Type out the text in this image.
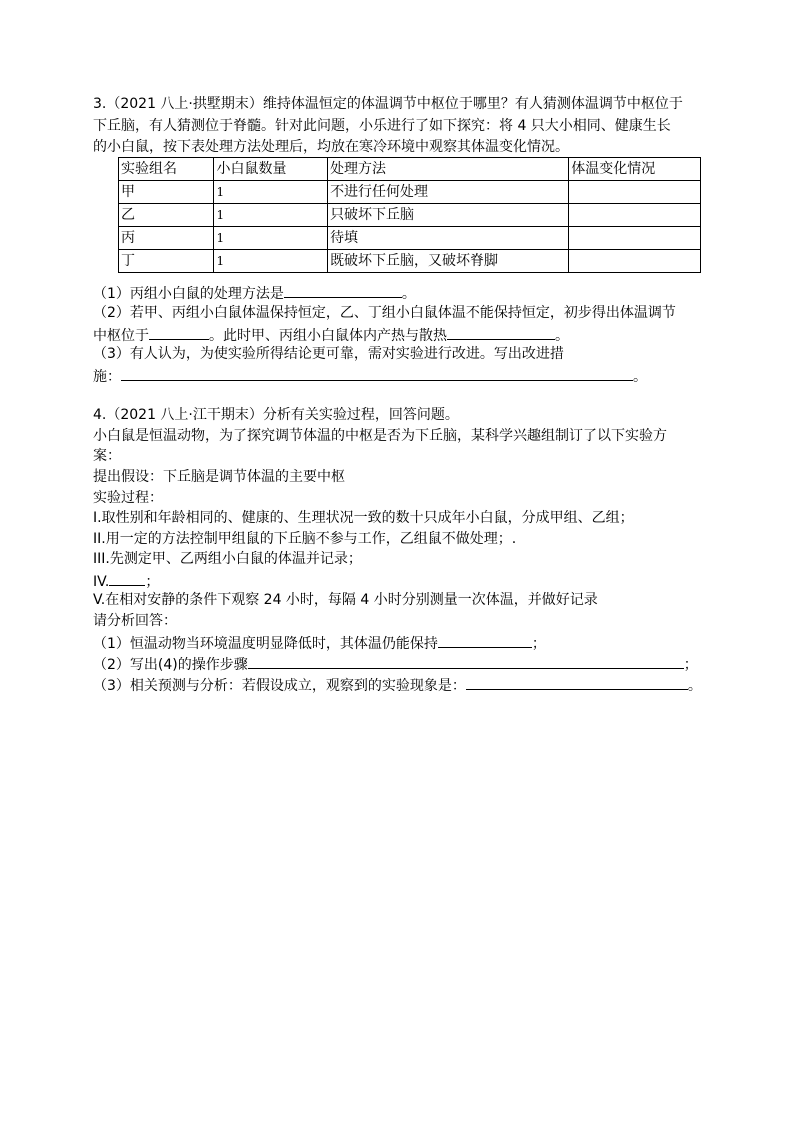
3.（2021 八上·拱墅期末）维持体温恒定的体温调节中枢位于哪里？有人猜测体温调节中枢位于
下丘脑，有人猜测位于脊髓。针对此问题，小乐进行了如下探究：将 4 只大小相同、健康生长
的小白鼠，按下表处理方法处理后，均放在寒冷环境中观察其体温变化情况。
实验组名	小白鼠数量	处理方法	体温变化情况
甲	1	不进行任何处理	
乙	1	只破坏下丘脑	
丙	1	待填	
丁	1	既破坏下丘脑，又破坏脊脚	
（1）丙组小白鼠的处理方法是	。
（2）若甲、丙组小白鼠体温保持恒定，乙、丁组小白鼠体温不能保持恒定，初步得出体温调节
中枢位于	。此时甲、丙组小白鼠体内产热与散热	。
（3）有人认为，为使实验所得结论更可靠，需对实验进行改进。写出改进措
施：	。
4.（2021 八上·江干期末）分析有关实验过程，回答问题。
小白鼠是恒温动物，为了探究调节体温的中枢是否为下丘脑，某科学兴趣组制订了以下实验方
案：
提出假设：下丘脑是调节体温的主要中枢
实验过程：
I.取性别和年龄相同的、健康的、生理状况一致的数十只成年小白鼠，分成甲组、乙组；
II.用一定的方法控制甲组鼠的下丘脑不参与工作，乙组鼠不做处理；.
III.先测定甲、乙两组小白鼠的体温并记录；
IV.	；
V.在相对安静的条件下观察 24 小时，每隔 4 小时分别测量一次体温，并做好记录
请分析回答：
（1）恒温动物当环境温度明显降低时，其体温仍能保持	；
（2）写出(4)的操作步骤	；
（3）相关预测与分析：若假设成立，观察到的实验现象是：	。
